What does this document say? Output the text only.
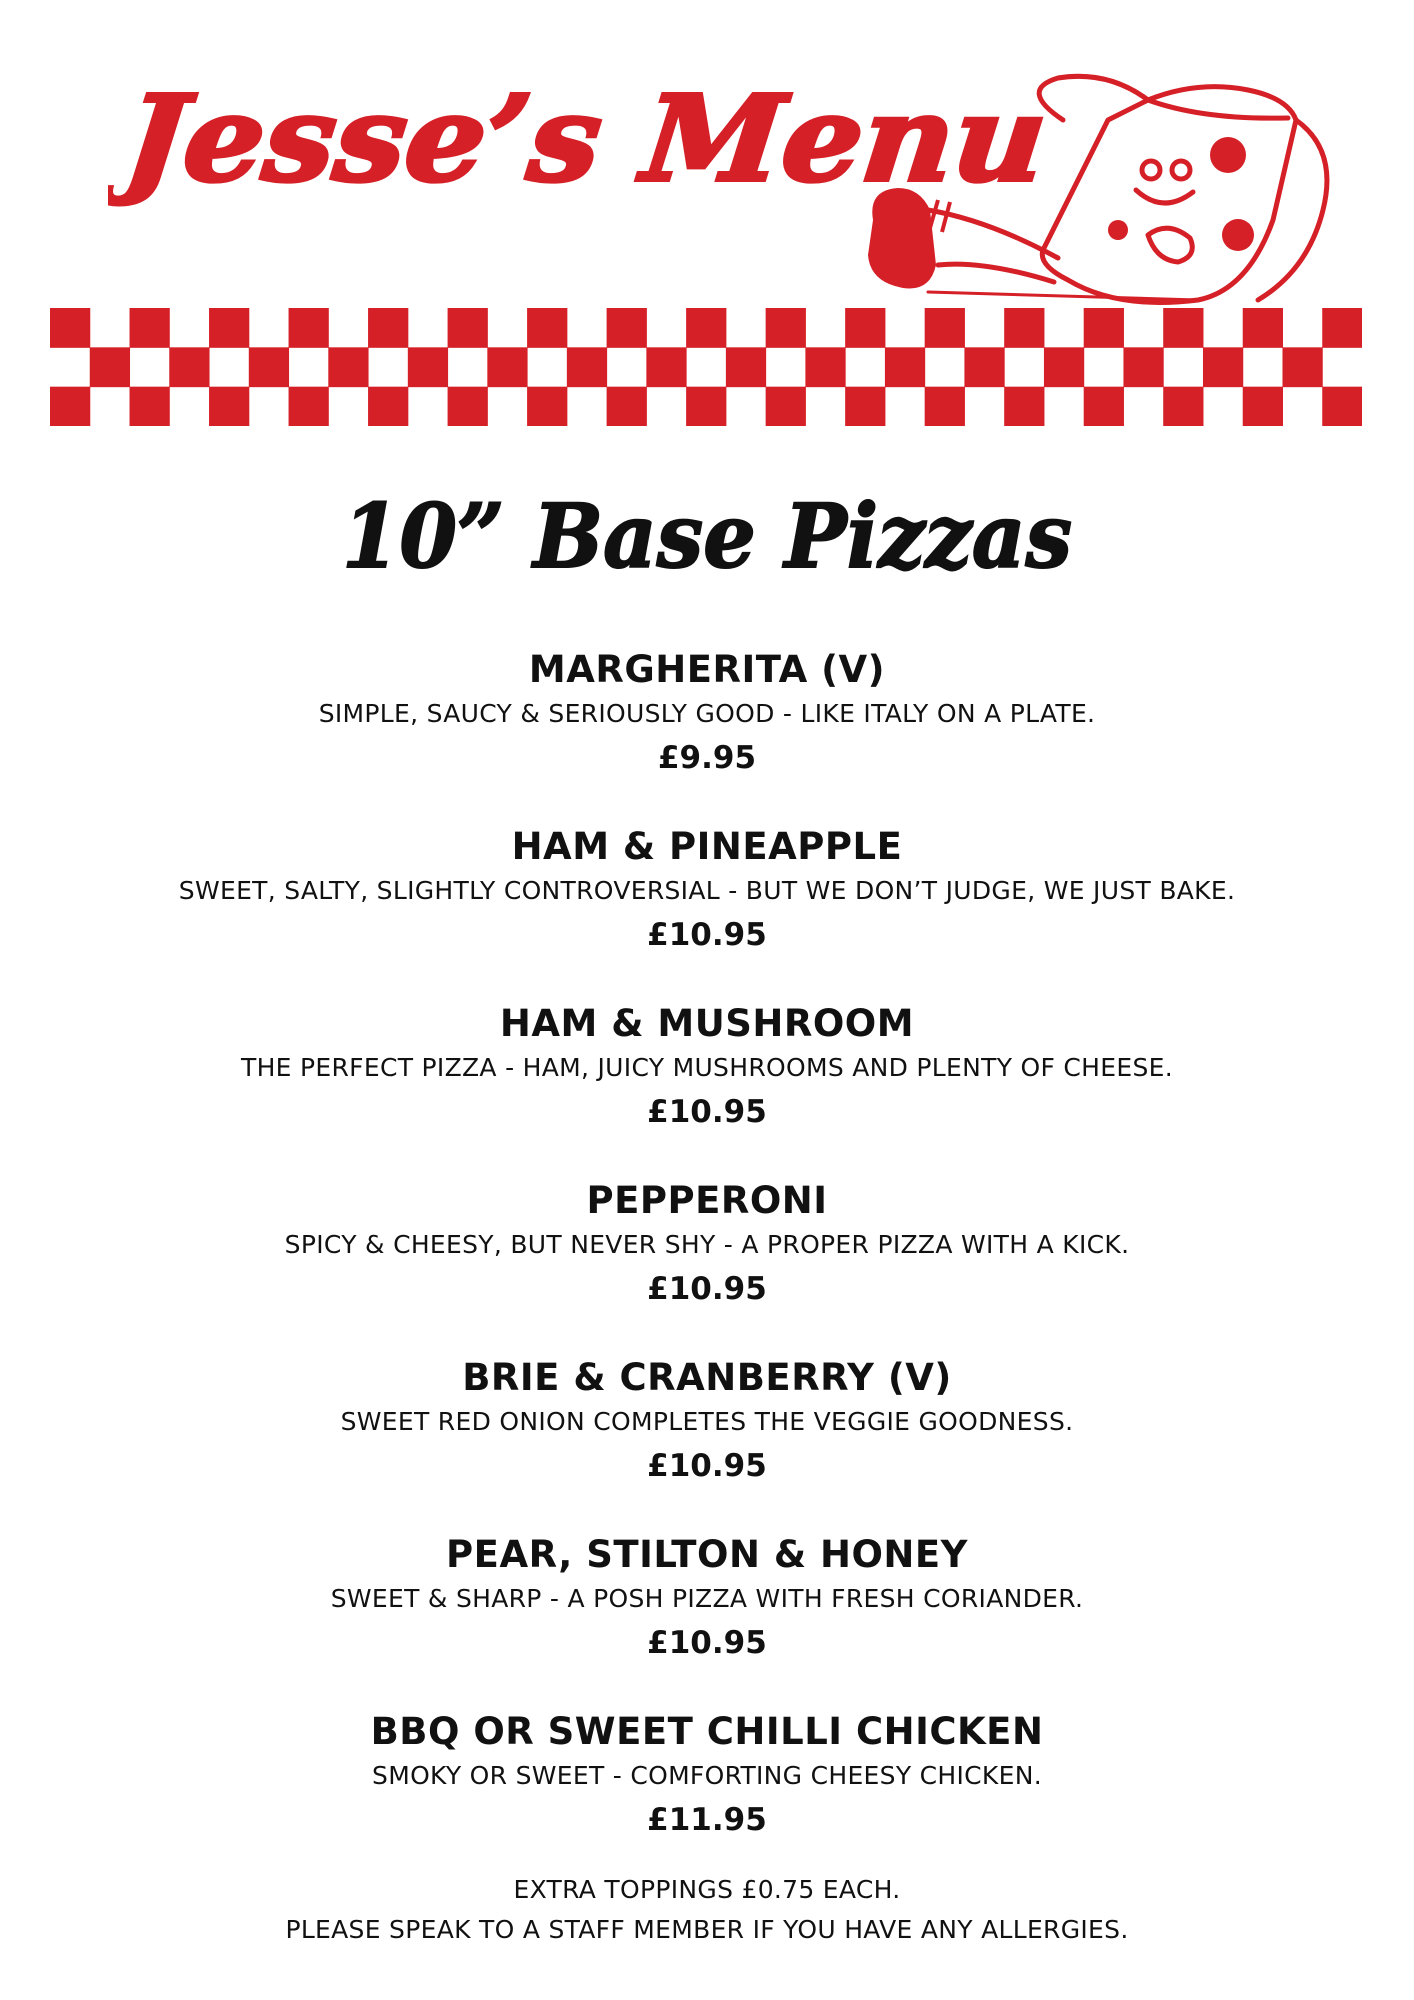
Jesse’s Menu
10” Base Pizzas
MARGHERITA (V)
SIMPLE, SAUCY & SERIOUSLY GOOD - LIKE ITALY ON A PLATE.
£9.95
HAM & PINEAPPLE
SWEET, SALTY, SLIGHTLY CONTROVERSIAL - BUT WE DON’T JUDGE, WE JUST BAKE.
£10.95
HAM & MUSHROOM
THE PERFECT PIZZA - HAM, JUICY MUSHROOMS AND PLENTY OF CHEESE.
£10.95
PEPPERONI
SPICY & CHEESY, BUT NEVER SHY - A PROPER PIZZA WITH A KICK.
£10.95
BRIE & CRANBERRY (V)
SWEET RED ONION COMPLETES THE VEGGIE GOODNESS.
£10.95
PEAR, STILTON & HONEY
SWEET & SHARP - A POSH PIZZA WITH FRESH CORIANDER.
£10.95
BBQ OR SWEET CHILLI CHICKEN
SMOKY OR SWEET - COMFORTING CHEESY CHICKEN.
£11.95
EXTRA TOPPINGS £0.75 EACH.
PLEASE SPEAK TO A STAFF MEMBER IF YOU HAVE ANY ALLERGIES.
